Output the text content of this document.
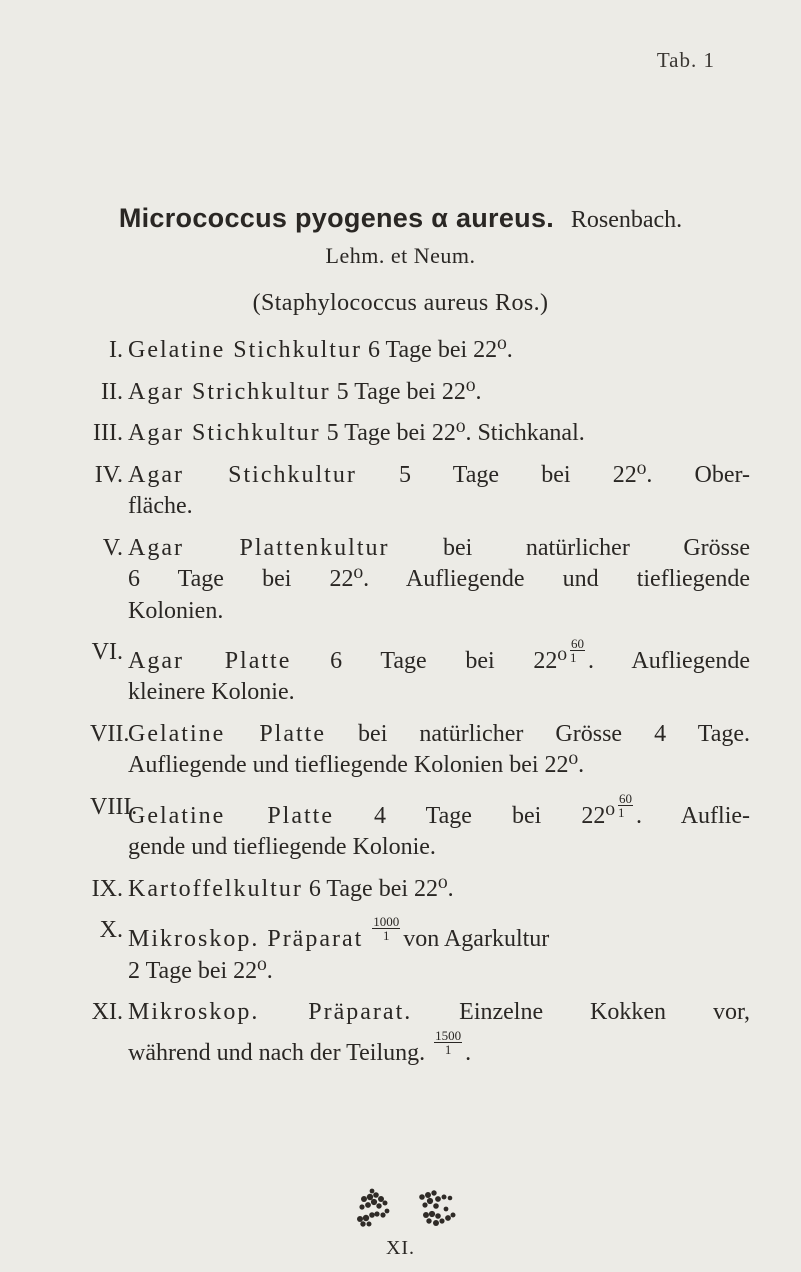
Tab. 1
Micrococcus pyogenes α aureus. Rosenbach.
Lehm. et Neum.
(Staphylococcus aureus Ros.)
I. Gelatine Stichkultur 6 Tage bei 22⁰.

II. Agar Strichkultur 5 Tage bei 22⁰.

III. Agar Stichkultur 5 Tage bei 22⁰. Stichkanal.

IV. Agar Stichkultur 5 Tage bei 22⁰. Ober-

fläche.

V. Agar Plattenkultur bei natürlicher Grösse

6 Tage bei 22⁰. Aufliegende und tiefliegende

Kolonien.

VI. Agar Platte 6 Tage bei $22^0 \frac{60}{1}$ . Aufliegende

kleinere Kolonie.

VII.

Gelatine Platte bei natürlicher Grösse 4 Tage.

Aufliegende und tiefliegende Kolonien bei 22⁰.

VIII.

Gelatine Platte 4 Tage bei $22^0 \frac{60}{1}$ . Auflie-

gende und tiefliegende Kolonie.

IX. Kartoffelkultur 6 Tage bei 22⁰.

X. Mikroskop. Präparat $\frac{1000}{1}$ von Agarkultur

2 Tage bei 22⁰.

XI. Mikroskop. Präparat. Einzelne Kokken vor,

während und nach der Teilung. $\frac{1500}{1}$ .

XI.
